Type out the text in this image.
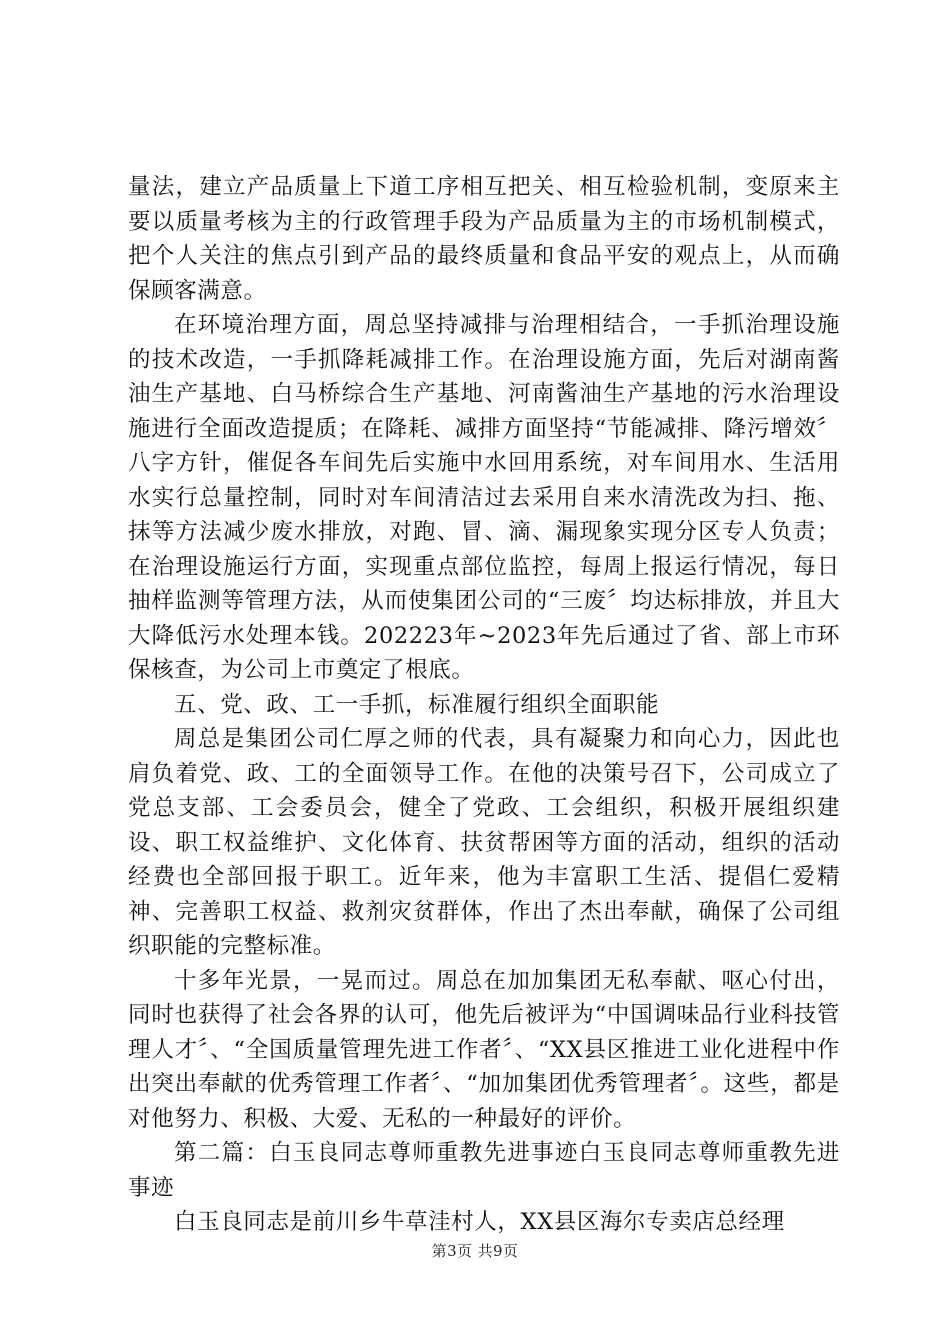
量法，建立产品质量上下道工序相互把关、相互检验机制，变原来主要以质量考核为主的行政管理手段为产品质量为主的市场机制模式，把个人关注的焦点引到产品的最终质量和食品平安的观点上，从而确保顾客满意。

在环境治理方面，周总坚持减排与治理相结合，一手抓治理设施的技术改造，一手抓降耗减排工作。在治理设施方面，先后对湖南酱油生产基地、白马桥综合生产基地、河南酱油生产基地的污水治理设施进行全面改造提质；在降耗、减排方面坚持“节能减排、降污增效〞八字方针，催促各车间先后实施中水回用系统，对车间用水、生活用水实行总量控制，同时对车间清洁过去采用自来水清洗改为扫、拖、抹等方法减少废水排放，对跑、冒、滴、漏现象实现分区专人负责；在治理设施运行方面，实现重点部位监控，每周上报运行情况，每日抽样监测等管理方法，从而使集团公司的“三废〞均达标排放，并且大大降低污水处理本钱。202223年~2023年先后通过了省、部上市环保核查，为公司上市奠定了根底。

五、党、政、工一手抓，标准履行组织全面职能

周总是集团公司仁厚之师的代表，具有凝聚力和向心力，因此也肩负着党、政、工的全面领导工作。在他的决策号召下，公司成立了党总支部、工会委员会，健全了党政、工会组织，积极开展组织建设、职工权益维护、文化体育、扶贫帮困等方面的活动，组织的活动经费也全部回报于职工。近年来，他为丰富职工生活、提倡仁爱精神、完善职工权益、救剂灾贫群体，作出了杰出奉献，确保了公司组织职能的完整标准。

十多年光景，一晃而过。周总在加加集团无私奉献、呕心付出，同时也获得了社会各界的认可，他先后被评为“中国调味品行业科技管理人才〞、“全国质量管理先进工作者〞、“XX县区推进工业化进程中作出突出奉献的优秀管理工作者〞、“加加集团优秀管理者〞。这些，都是对他努力、积极、大爱、无私的一种最好的评价。

第二篇：白玉良同志尊师重教先进事迹白玉良同志尊师重教先进事迹

白玉良同志是前川乡牛草洼村人，XX县区海尔专卖店总经理

第3页 共9页
